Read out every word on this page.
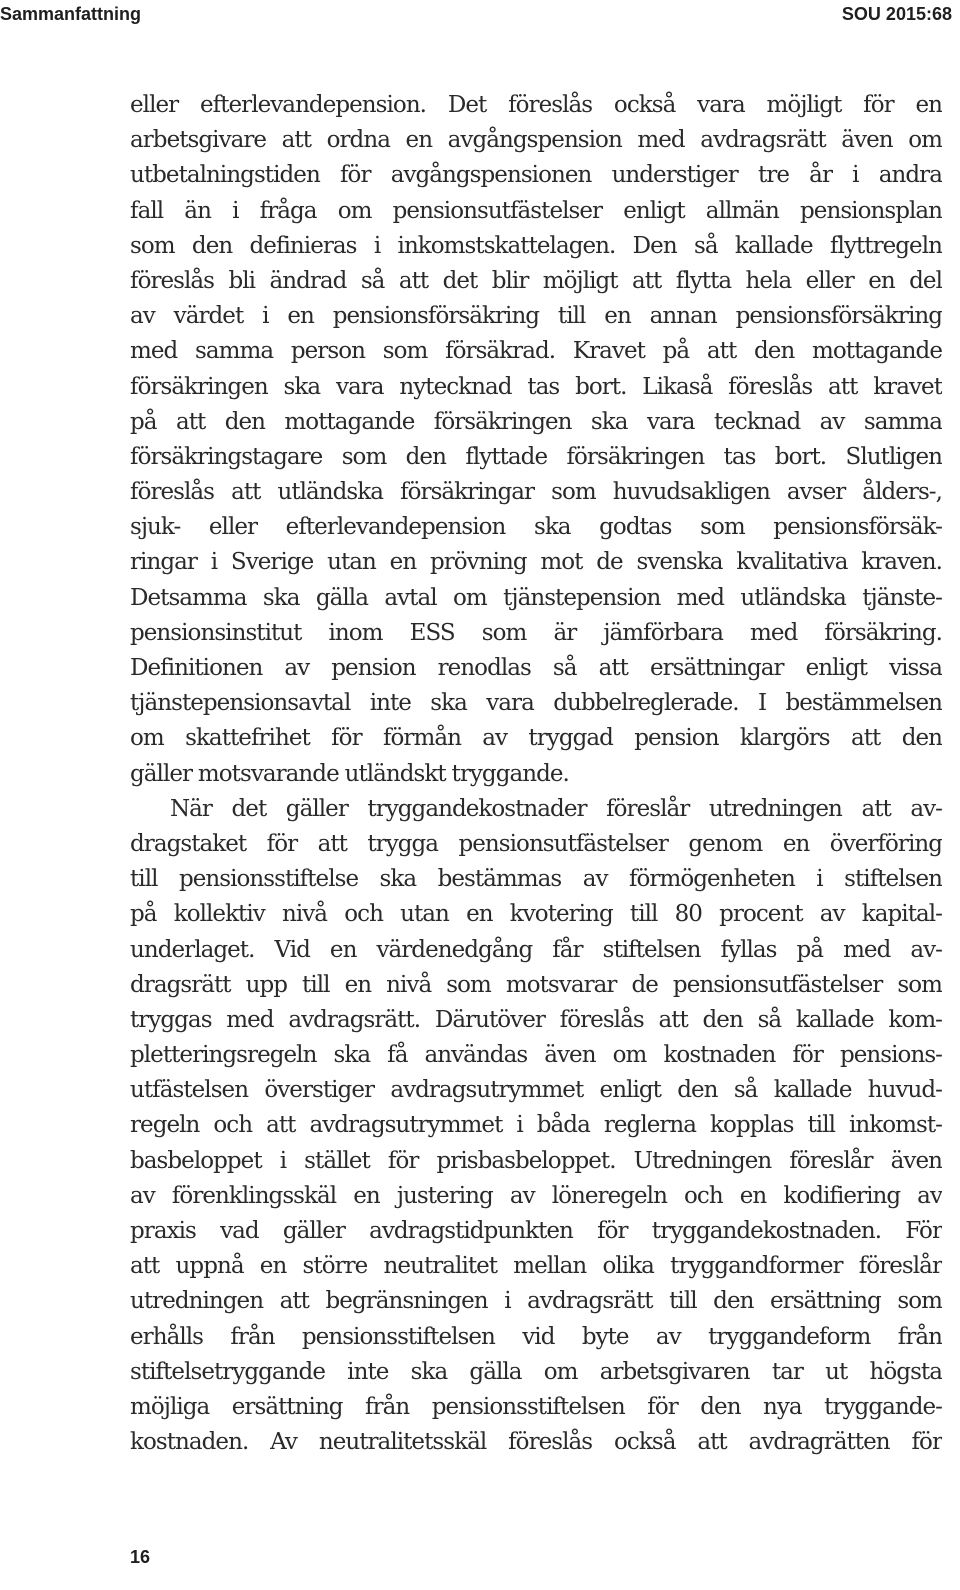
Sammanfattning	SOU 2015:68
eller efterlevandepension. Det föreslås också vara möjligt för en
arbetsgivare att ordna en avgångspension med avdragsrätt även om
utbetalningstiden för avgångspensionen understiger tre år i andra
fall än i fråga om pensionsutfästelser enligt allmän pensionsplan
som den definieras i inkomstskattelagen. Den så kallade flyttregeln
föreslås bli ändrad så att det blir möjligt att flytta hela eller en del
av värdet i en pensionsförsäkring till en annan pensionsförsäkring
med samma person som försäkrad. Kravet på att den mottagande
försäkringen ska vara nytecknad tas bort. Likaså föreslås att kravet
på att den mottagande försäkringen ska vara tecknad av samma
försäkringstagare som den flyttade försäkringen tas bort. Slutligen
föreslås att utländska försäkringar som huvudsakligen avser ålders-,
sjuk- eller efterlevandepension ska godtas som pensionsförsäk-
ringar i Sverige utan en prövning mot de svenska kvalitativa kraven.
Detsamma ska gälla avtal om tjänstepension med utländska tjänste-
pensionsinstitut inom ESS som är jämförbara med försäkring.
Definitionen av pension renodlas så att ersättningar enligt vissa
tjänstepensionsavtal inte ska vara dubbelreglerade. I bestämmelsen
om skattefrihet för förmån av tryggad pension klargörs att den
gäller motsvarande utländskt tryggande.
När det gäller tryggandekostnader föreslår utredningen att av-
dragstaket för att trygga pensionsutfästelser genom en överföring
till pensionsstiftelse ska bestämmas av förmögenheten i stiftelsen
på kollektiv nivå och utan en kvotering till 80 procent av kapital-
underlaget. Vid en värdenedgång får stiftelsen fyllas på med av-
dragsrätt upp till en nivå som motsvarar de pensionsutfästelser som
tryggas med avdragsrätt. Därutöver föreslås att den så kallade kom-
pletteringsregeln ska få användas även om kostnaden för pensions-
utfästelsen överstiger avdragsutrymmet enligt den så kallade huvud-
regeln och att avdragsutrymmet i båda reglerna kopplas till inkomst-
basbeloppet i stället för prisbasbeloppet. Utredningen föreslår även
av förenklingsskäl en justering av löneregeln och en kodifiering av
praxis vad gäller avdragstidpunkten för tryggandekostnaden. För
att uppnå en större neutralitet mellan olika tryggandformer föreslår
utredningen att begränsningen i avdragsrätt till den ersättning som
erhålls från pensionsstiftelsen vid byte av tryggandeform från
stiftelsetryggande inte ska gälla om arbetsgivaren tar ut högsta
möjliga ersättning från pensionsstiftelsen för den nya tryggande-
kostnaden. Av neutralitetsskäl föreslås också att avdragrätten för
16
